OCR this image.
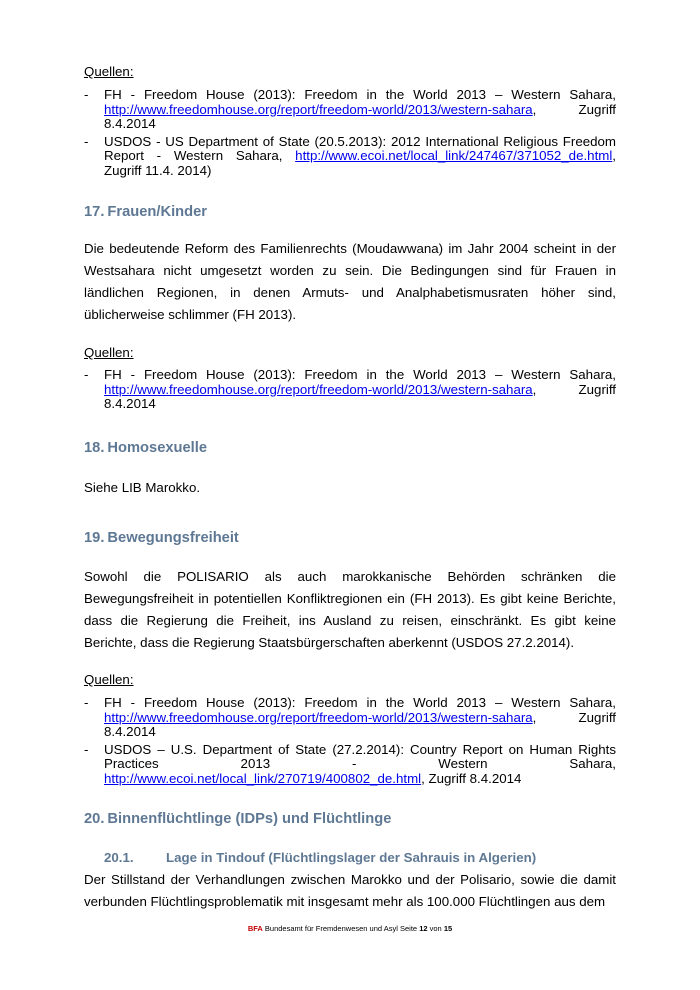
Quellen:
- FH - Freedom House (2013): Freedom in the World 2013 – Western Sahara,
http://www.freedomhouse.org/report/freedom-world/2013/western-sahara, Zugriff 8.4.2014
- USDOS - US Department of State (20.5.2013): 2012 International Religious Freedom Report - Western Sahara, http://www.ecoi.net/local_link/247467/371052_de.html, Zugriff 11.4. 2014)
17. Frauen/Kinder
Die bedeutende Reform des Familienrechts (Moudawwana) im Jahr 2004 scheint in der Westsahara nicht umgesetzt worden zu sein. Die Bedingungen sind für Frauen in ländlichen Regionen, in denen Armuts- und Analphabetismusraten höher sind, üblicherweise schlimmer (FH 2013).
Quellen:
- FH - Freedom House (2013): Freedom in the World 2013 – Western Sahara,
http://www.freedomhouse.org/report/freedom-world/2013/western-sahara, Zugriff 8.4.2014
18. Homosexuelle
Siehe LIB Marokko.
19. Bewegungsfreiheit
Sowohl die POLISARIO als auch marokkanische Behörden schränken die Bewegungsfreiheit in potentiellen Konfliktregionen ein (FH 2013). Es gibt keine Berichte, dass die Regierung die Freiheit, ins Ausland zu reisen, einschränkt. Es gibt keine Berichte, dass die Regierung Staatsbürgerschaften aberkennt (USDOS 27.2.2014).
Quellen:
- FH - Freedom House (2013): Freedom in the World 2013 – Western Sahara, http://www.freedomhouse.org/report/freedom-world/2013/western-sahara, Zugriff 8.4.2014
- USDOS – U.S. Department of State (27.2.2014): Country Report on Human Rights Practices 2013 - Western Sahara, http://www.ecoi.net/local_link/270719/400802_de.html, Zugriff 8.4.2014
20. Binnenflüchtlinge (IDPs) und Flüchtlinge
20.1. Lage in Tindouf (Flüchtlingslager der Sahrauis in Algerien)
Der Stillstand der Verhandlungen zwischen Marokko und der Polisario, sowie die damit verbunden Flüchtlingsproblematik mit insgesamt mehr als 100.000 Flüchtlingen aus dem
BFA Bundesamt für Fremdenwesen und Asyl Seite 12 von 15
